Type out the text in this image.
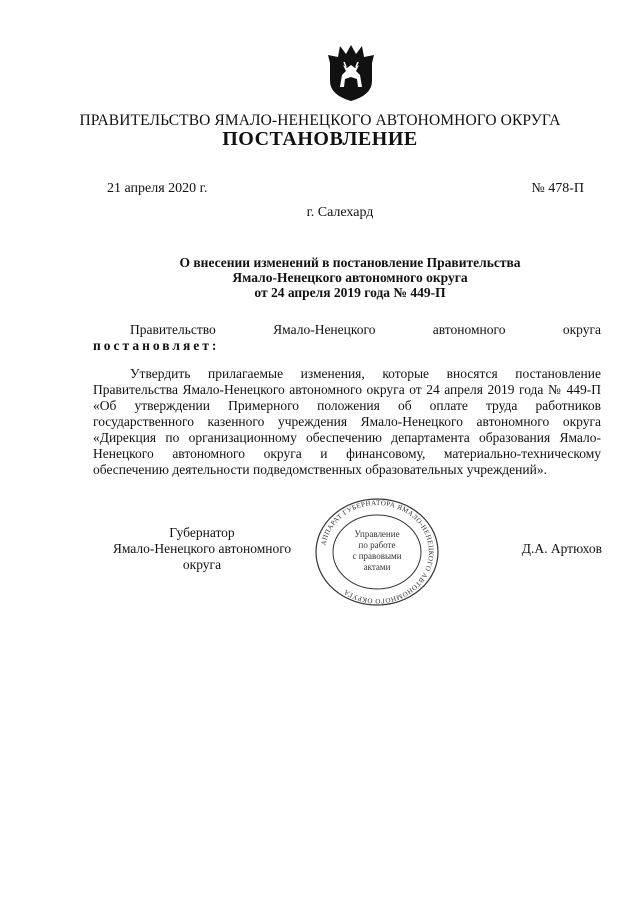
ПРАВИТЕЛЬСТВО ЯМАЛО-НЕНЕЦКОГО АВТОНОМНОГО ОКРУГА
ПОСТАНОВЛЕНИЕ
21 апреля 2020 г.	№ 478-П
г. Салехард
О внесении изменений в постановление Правительства
Ямало-Ненецкого автономного округа
от 24 апреля 2019 года № 449-П
Правительство	Ямало-Ненецкого	автономного	округа
постановляет:

Утвердить прилагаемые изменения, которые вносятся постановление Правительства Ямало-Ненецкого автономного округа от 24 апреля 2019 года № 449-П «Об утверждении Примерного положения об оплате труда работников государственного казенного учреждения Ямало-Ненецкого автономного округа «Дирекция по организационному обеспечению департамента образования Ямало-Ненецкого автономного округа и финансовому, материально-техническому обеспечению деятельности подведомственных образовательных учреждений».

Губернатор
Ямало-Ненецкого автономного округа
Д.А. Артюхов
АППАРАТ ГУБЕРНАТОРА ЯМАЛО-НЕНЕЦКОГО АВТОНОМНОГО ОКРУГА
Управление
по работе
с правовыми
актами
